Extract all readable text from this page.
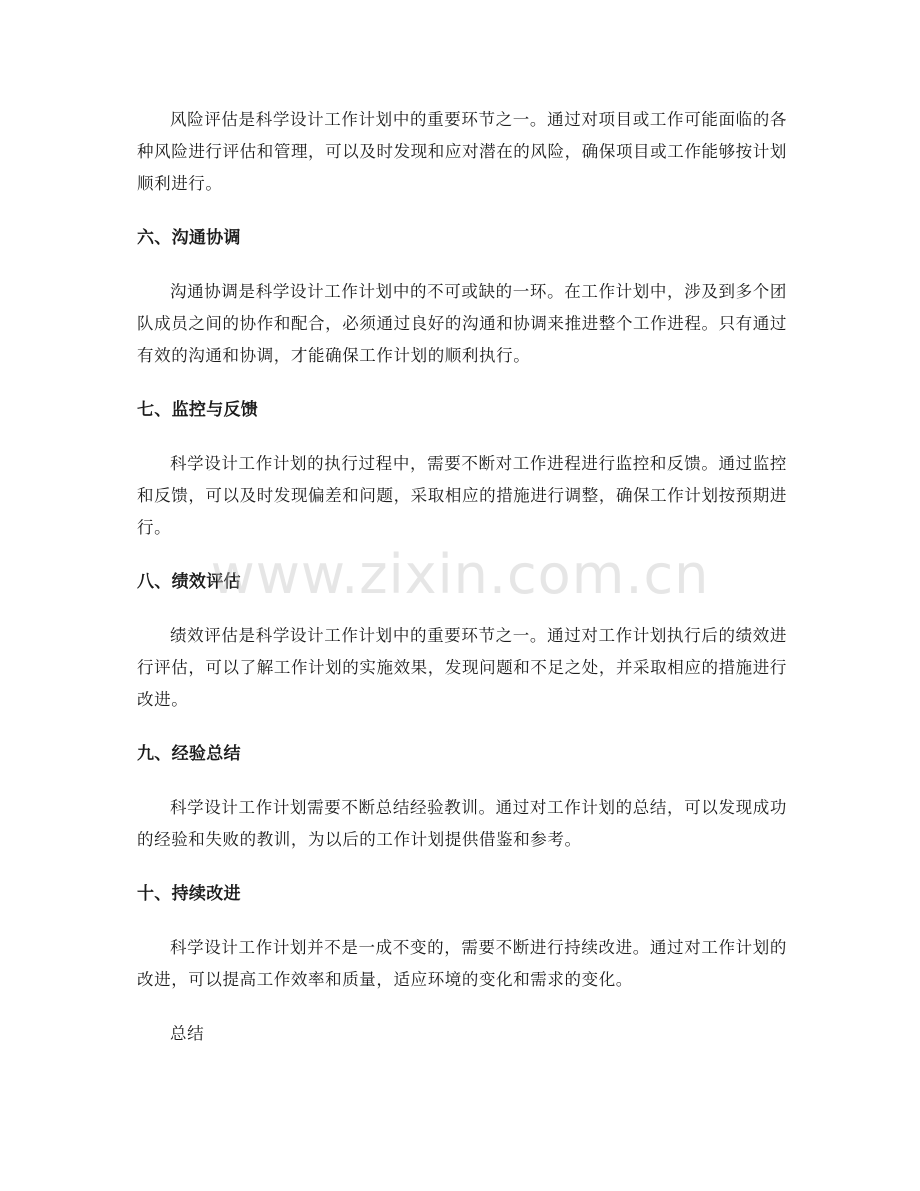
风险评估是科学设计工作计划中的重要环节之一。通过对项目或工作可能面临的各种风险进行评估和管理，可以及时发现和应对潜在的风险，确保项目或工作能够按计划顺利进行。

六、沟通协调

沟通协调是科学设计工作计划中的不可或缺的一环。在工作计划中，涉及到多个团队成员之间的协作和配合，必须通过良好的沟通和协调来推进整个工作进程。只有通过有效的沟通和协调，才能确保工作计划的顺利执行。

七、监控与反馈

科学设计工作计划的执行过程中，需要不断对工作进程进行监控和反馈。通过监控和反馈，可以及时发现偏差和问题，采取相应的措施进行调整，确保工作计划按预期进行。

八、绩效评估

绩效评估是科学设计工作计划中的重要环节之一。通过对工作计划执行后的绩效进行评估，可以了解工作计划的实施效果，发现问题和不足之处，并采取相应的措施进行改进。

九、经验总结

科学设计工作计划需要不断总结经验教训。通过对工作计划的总结，可以发现成功的经验和失败的教训，为以后的工作计划提供借鉴和参考。

十、持续改进

科学设计工作计划并不是一成不变的，需要不断进行持续改进。通过对工作计划的改进，可以提高工作效率和质量，适应环境的变化和需求的变化。

总结

www.zixin.com.cn
